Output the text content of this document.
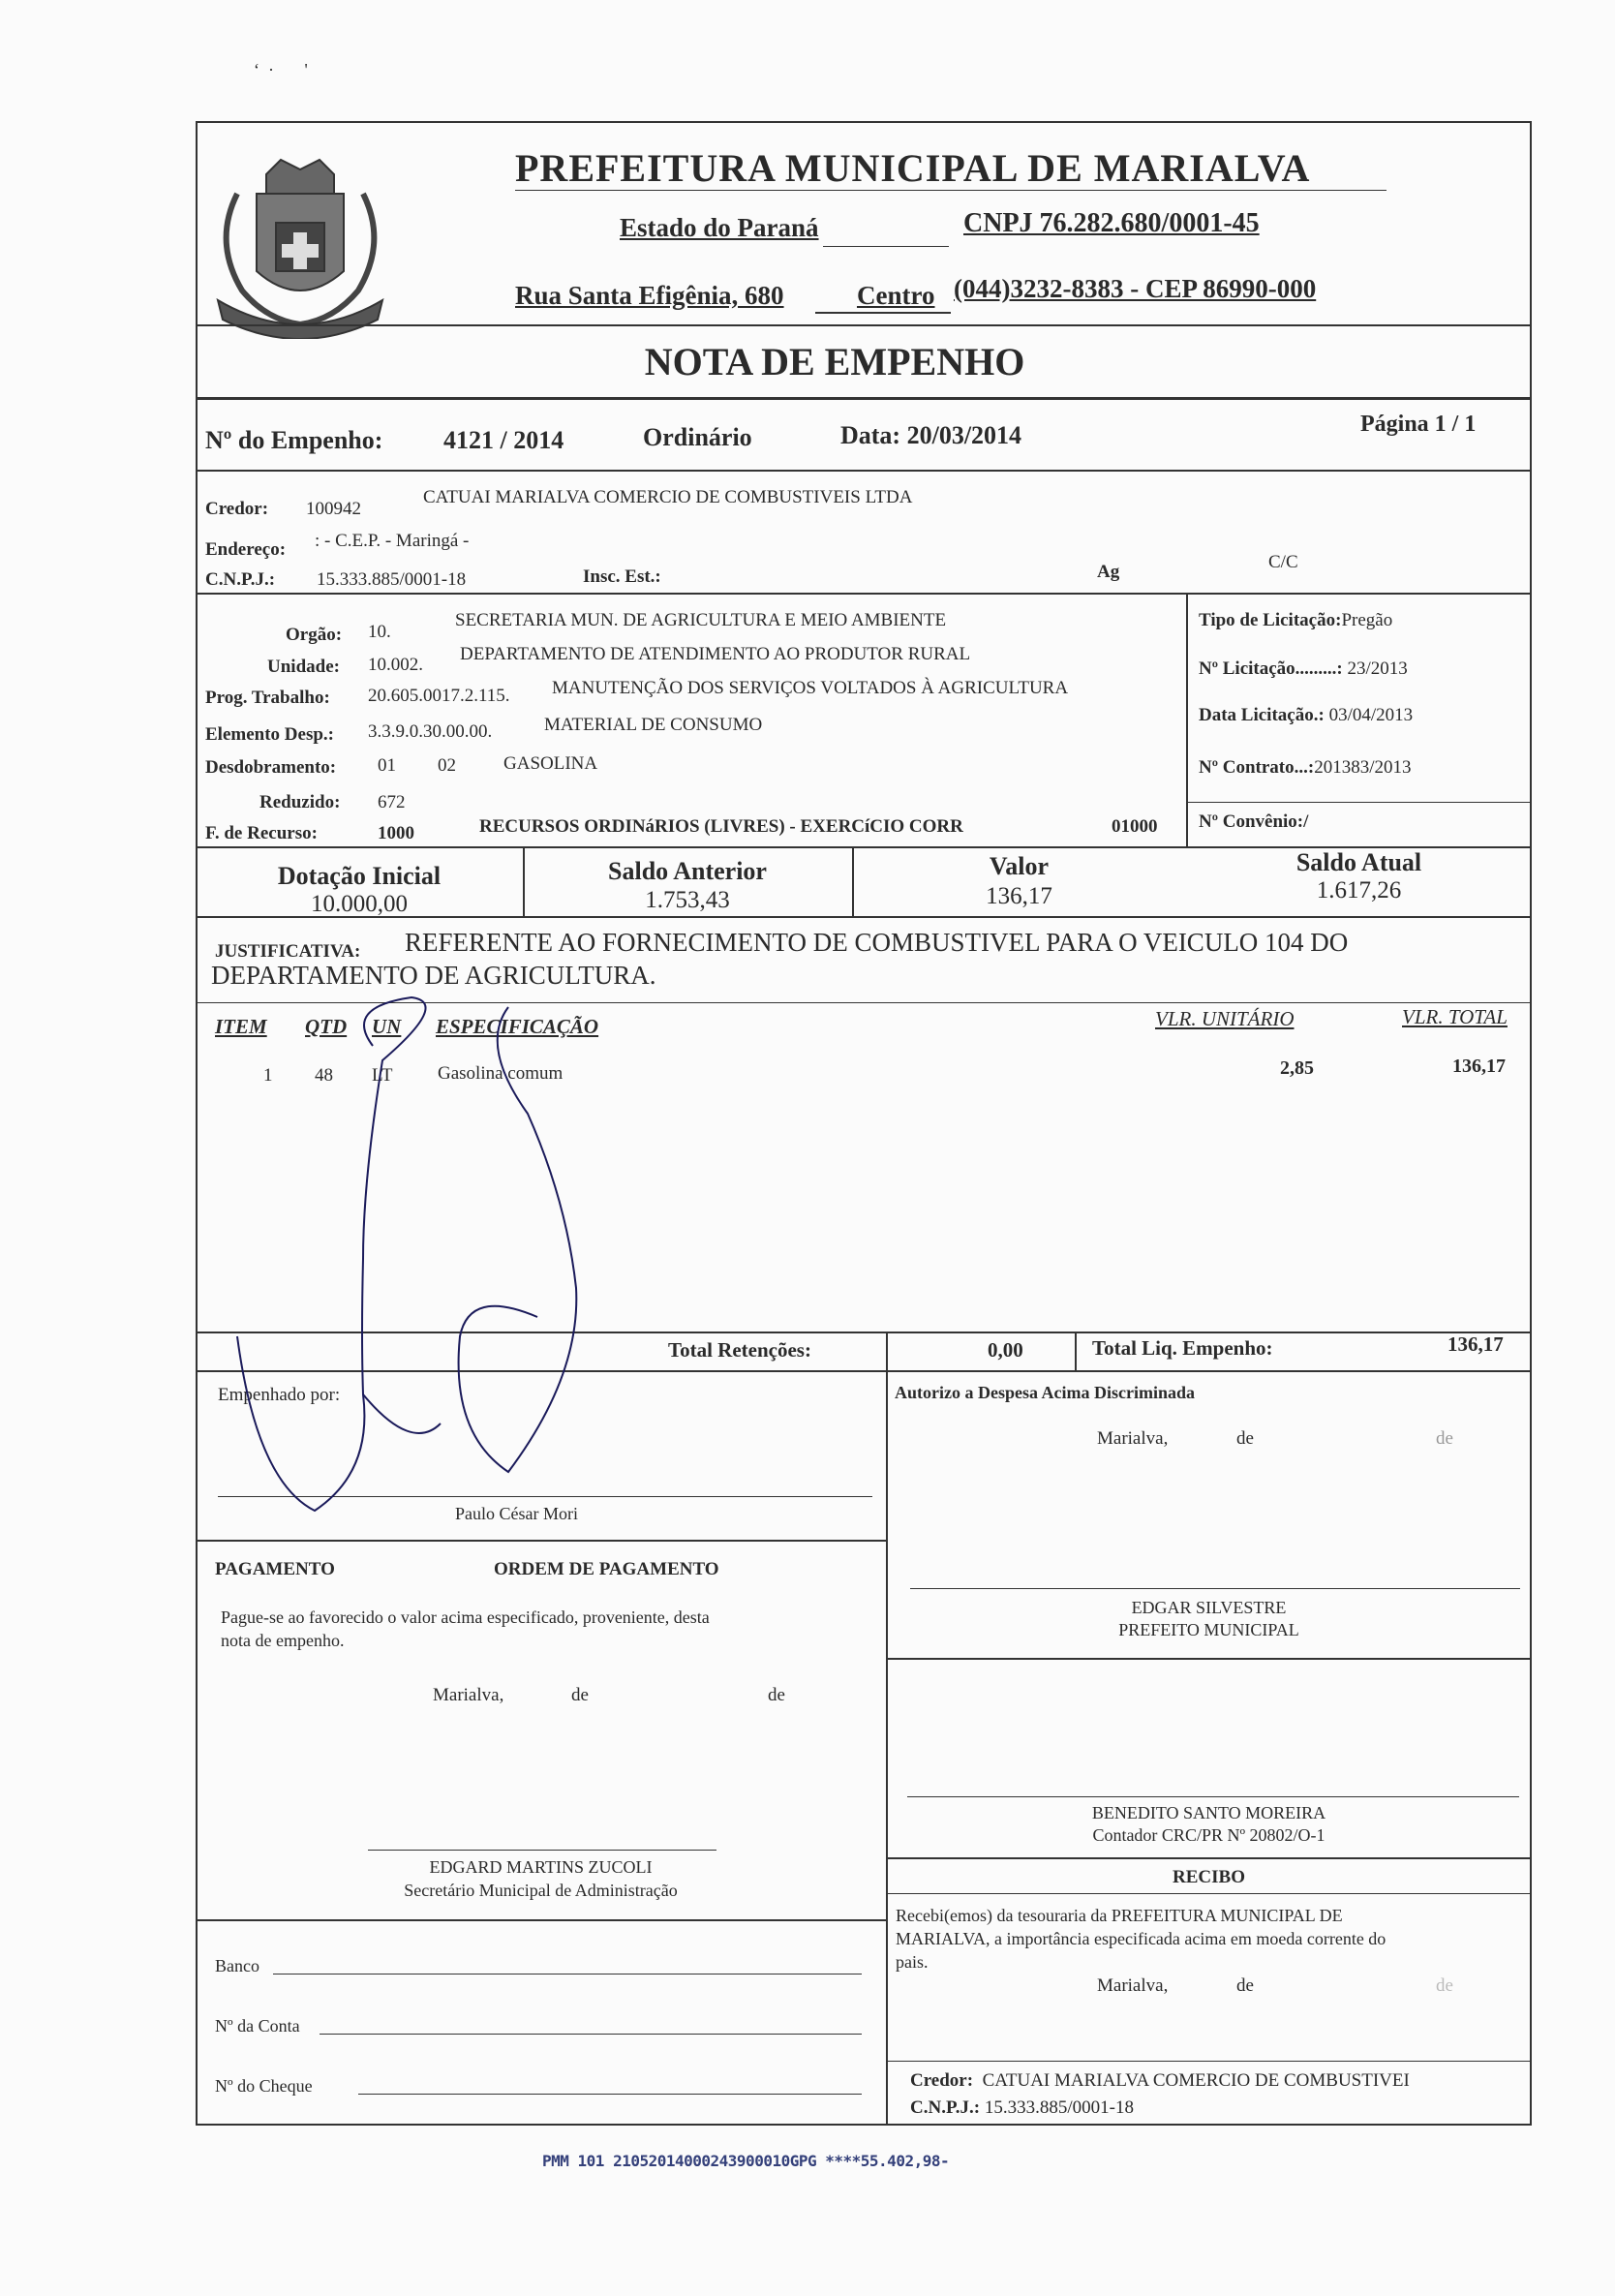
‘  ·       '
PREFEITURA MUNICIPAL DE MARIALVA
Estado do Paraná	CNPJ 76.282.680/0001-45
Rua Santa Efigênia, 680	Centro (044)3232-8383 - CEP 86990-000
NOTA DE EMPENHO
Nº do Empenho: 4121 / 2014	Ordinário	Data: 20/03/2014	Página 1 / 1
Credor: 100942
CATUAI MARIALVA COMERCIO DE COMBUSTIVEIS LTDA
Endereço: : - C.E.P. - Maringá -
C.N.P.J.: 15.333.885/0001-18	Insc. Est.:	Ag	C/C
Orgão: 10.
SECRETARIA MUN. DE AGRICULTURA E MEIO AMBIENTE
Unidade: 10.002.
DEPARTAMENTO DE ATENDIMENTO AO PRODUTOR RURAL
Prog. Trabalho: 20.605.0017.2.115. MANUTENÇÃO DOS SERVIÇOS VOLTADOS À AGRICULTURA
Elemento Desp.: 3.3.9.0.30.00.00.	MATERIAL DE CONSUMO
Desdobramento: 01 02	GASOLINA
Reduzido: 672
F. de Recurso:	1000	RECURSOS ORDINáRIOS (LIVRES) - EXERCíCIO CORR	01000
Tipo de Licitação:Pregão
Nº Licitação.........: 23/2013
Data Licitação.: 03/04/2013
Nº Contrato...:201383/2013
Nº Convênio:/
Dotação Inicial
10.000,00
Saldo Anterior
1.753,43
Valor
136,17
Saldo Atual
1.617,26
JUSTIFICATIVA: REFERENTE AO FORNECIMENTO DE COMBUSTIVEL PARA O VEICULO 104 DO
DEPARTAMENTO DE AGRICULTURA.
ITEM QTD UN ESPECIFICAÇÃO	VLR. UNITÁRIO	VLR. TOTAL
1 48 LT Gasolina comum	2,85	136,17
Total Retenções:	0,00	Total Liq. Empenho:	136,17
Empenhado por:
Paulo César Mori
Autorizo a Despesa Acima Discriminada
Marialva,	de	de
PAGAMENTO	ORDEM DE PAGAMENTO
Pague-se ao favorecido o valor acima especificado, proveniente, desta
nota de empenho.
Marialva,	de	de
EDGARD MARTINS ZUCOLI
Secretário Municipal de Administração
Banco
Nº da Conta
Nº do Cheque
EDGAR SILVESTRE
PREFEITO MUNICIPAL
BENEDITO SANTO MOREIRA
Contador CRC/PR Nº 20802/O-1
RECIBO
Recebi(emos) da tesouraria da PREFEITURA MUNICIPAL DE
MARIALVA, a importância especificada acima em moeda corrente do
pais.
Marialva,	de	de
Credor: CATUAI MARIALVA COMERCIO DE COMBUSTIVEI
C.N.P.J.: 15.333.885/0001-18
PMM 101 21052014000243900010GPG ****55.402,98-
